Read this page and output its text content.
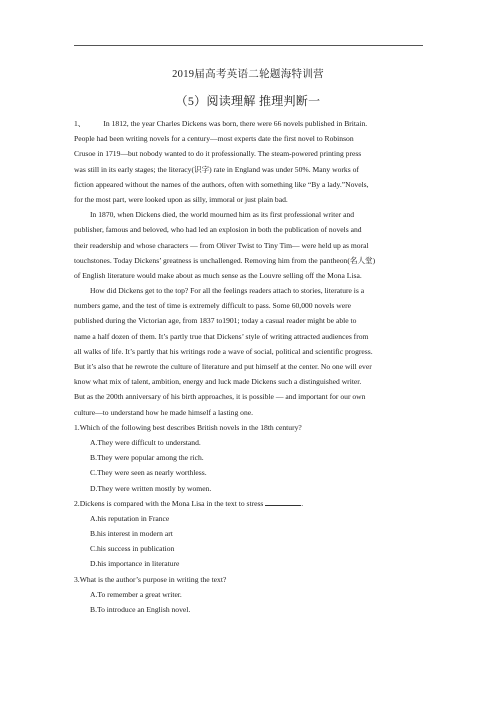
2019届高考英语二轮题海特训营
（5）阅读理解 推理判断一
1、 In 1812, the year Charles Dickens was born, there were 66 novels published in Britain.
People had been writing novels for a century—most experts date the first novel to Robinson
Crusoe in 1719—but nobody wanted to do it professionally. The steam-powered printing press
was still in its early stages; the literacy(识字) rate in England was under 50%. Many works of
fiction appeared without the names of the authors, often with something like “By a lady.”Novels,
for the most part, were looked upon as silly, immoral or just plain bad.
In 1870, when Dickens died, the world mourned him as its first professional writer and
publisher, famous and beloved, who had led an explosion in both the publication of novels and
their readership and whose characters — from Oliver Twist to Tiny Tim— were held up as moral
touchstones. Today Dickens’ greatness is unchallenged. Removing him from the pantheon(名人堂)
of English literature would make about as much sense as the Louvre selling off the Mona Lisa.
How did Dickens get to the top? For all the feelings readers attach to stories, literature is a
numbers game, and the test of time is extremely difficult to pass. Some 60,000 novels were
published during the Victorian age, from 1837 to1901; today a casual reader might be able to
name a half dozen of them. It’s partly true that Dickens’ style of writing attracted audiences from
all walks of life. It’s partly that his writings rode a wave of social, political and scientific progress.
But it’s also that he rewrote the culture of literature and put himself at the center. No one will ever
know what mix of talent, ambition, energy and luck made Dickens such a distinguished writer.
But as the 200th anniversary of his birth approaches, it is possible — and important for our own
culture—to understand how he made himself a lasting one.
1.Which of the following best describes British novels in the 18th century?
A.They were difficult to understand.
B.They were popular among the rich.
C.They were seen as nearly worthless.
D.They were written mostly by women.
2.Dickens is compared with the Mona Lisa in the text to stress	.
A.his reputation in France
B.his interest in modern art
C.his success in publication
D.his importance in literature
3.What is the author’s purpose in writing the text?
A.To remember a great writer.
B.To introduce an English novel.
